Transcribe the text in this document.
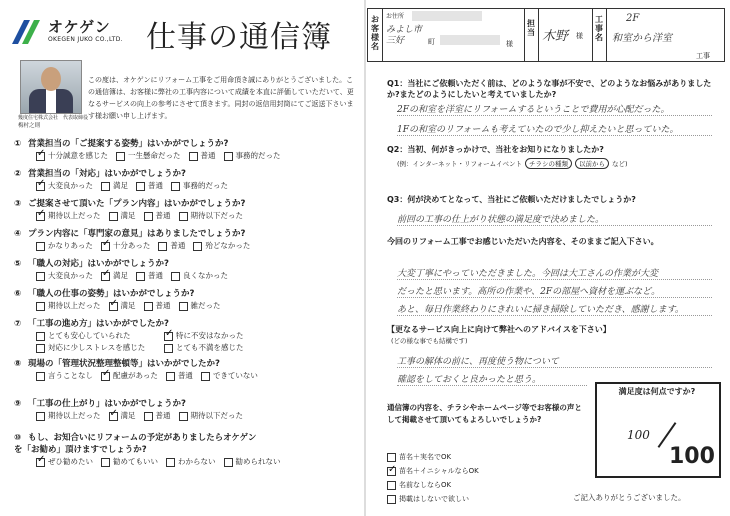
オケゲン
OKEGEN JUKO CO.,LTD. 仕事の通信簿
幾度住宅株式会社　代表取締役
梅村之則
この度は、オケゲンにリフォーム工事をご用命頂き誠にありがとうございました。この通信簿は、お客様に弊社の工事内容について成績を本直に評価していただいて、更なるサービスの向上の参考にさせて頂きます。同封の返信用封筒にてご返送下さいます様お願い申し上げます。
① 営業担当の「ご提案する姿勢」はいかがでしょうか?
✓
十分誠意を感じた	一生懸命だった	普通	事務的だった
② 営業担当の「対応」はいかがでしょうか?
✓
大変良かった	満足	普通	事務的だった
③ ご提案させて頂いた「プラン内容」はいかがでしょうか?
✓
期待以上だった	満足	普通	期待以下だった
④ プラン内容に「専門家の意見」はありましたでしょうか?
かなりあった ✓	十分あった	普通	殆どなかった
⑤ 「職人の対応」はいかがでしょうか?
大変良かった ✓	満足	普通	良くなかった
⑥ 「職人の仕事の姿勢」はいかがでしょうか?
期待以上だった ✓	満足	普通	雑だった
⑦ 「工事の進め方」はいかがでしたか?
とても安心していられた ✓	特に不安はなかった
対応に少しストレスを感じた	とても不満を感じた
⑧ 現場の「管理状況整理整頓等」はいかがでしたか?
言うことなし ✓	配慮があった	普通	できていない
⑨ 「工事の仕上がり」はいかがでしょうか?
期待以上だった ✓	満足	普通	期待以下だった
⑩ もし、お知合いにリフォームの予定がありましたらオケゲンを「お勧め」頂けますでしょうか?
✓
ぜひ勧めたい	勧めてもいい	わからない	勧められない
お客様名
お住所
みよし市　三好	町	様
担当 木野 様
工事名
2F
和室から洋室
工事
Q1：当社にご依頼いただく前は、どのような事が不安で、どのようなお悩みがありましたか?またどのようにしたいと考えていましたか?
2Fの和室を洋室にリフォームするということで費用が心配だった。
1Fの和室のリフォームも考えていたので少し抑えたいと思っていた。
Q2：当初、何がきっかけで、当社をお知りになりましたか?
(例：インターネット・リフォームイベント	チラシの種類	以前から	など)
Q3：何が決めてとなって、当社にご依頼いただけましたでしょうか?
前回の工事の仕上がり状態の満足度で決めました。
今回のリフォーム工事でお感じいただいた内容を、そのままご記入下さい。
大変丁寧にやっていただきました。今回は大工さんの作業が大変
だったと思います。高所の作業や、2Fの部屋へ資材を運ぶなど。
あと、毎日作業終わりにきれいに掃き掃除していただき、感謝します。
【更なるサービス向上に向けて弊社へのアドバイスを下さい】
(どの様な事でも結構です)
工事の解体の前に、再度使う物について
確認をしておくと良かったと思う。
通信簿の内容を、チラシやホームページ等でお客様の声として掲載させて頂いてもよろしいでしょうか?
苗名＋実名でOK
✓
苗名＋イニシャルならOK
名前なしならOK
掲載はしないで欲しい
満足度は何点ですか?
100
100
ご記入ありがとうございました。
